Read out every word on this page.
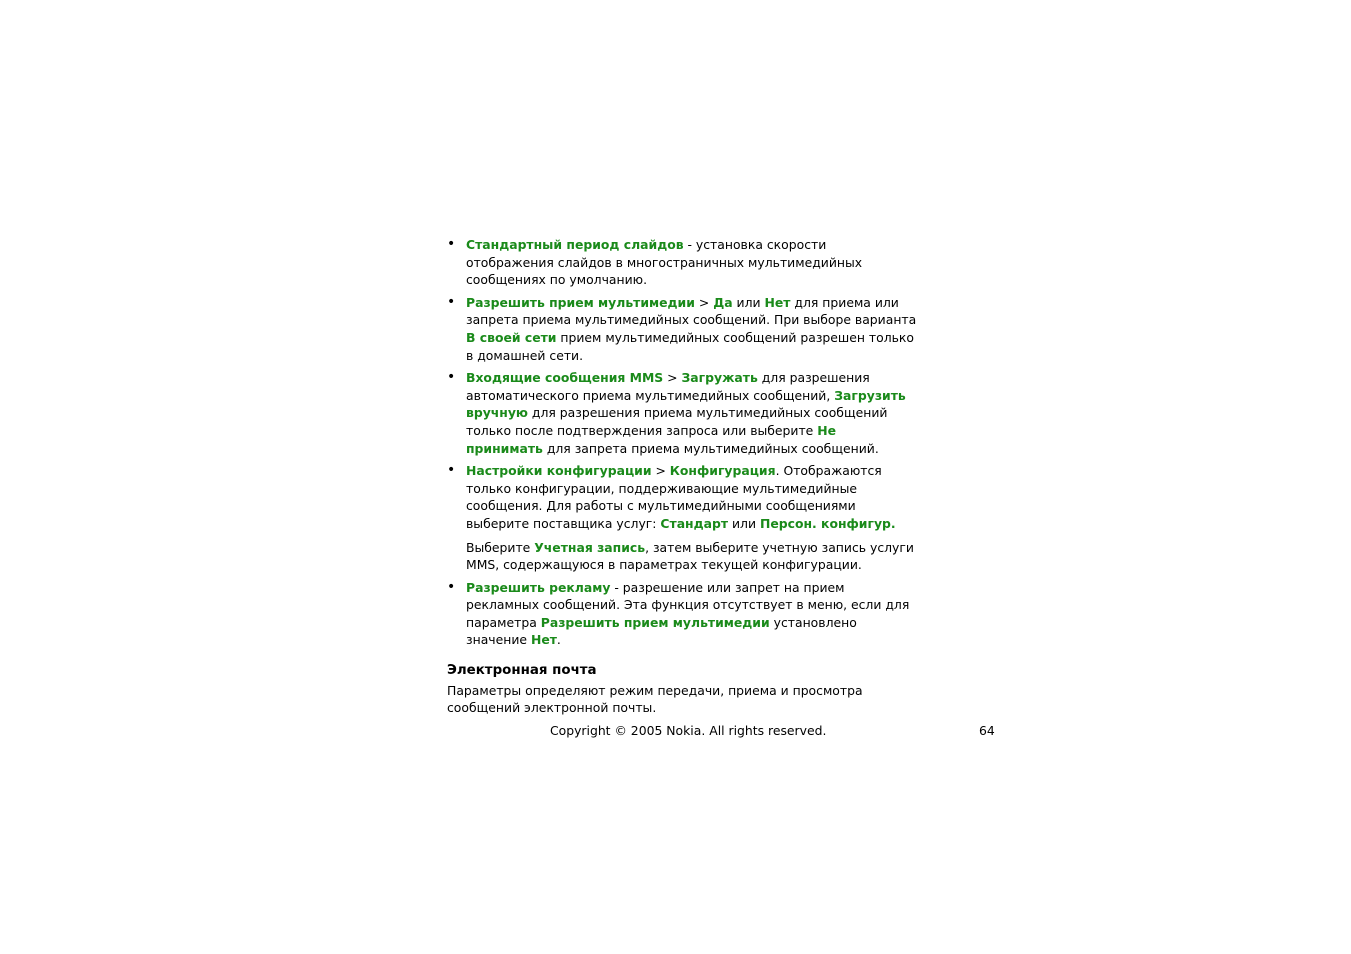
• Стандартный период слайдов - установка скорости отображения слайдов в многостраничных мультимедийных сообщениях по умолчанию.
• Разрешить прием мультимедии > Да или Нет для приема или запрета приема мультимедийных сообщений. При выборе варианта В своей сети прием мультимедийных сообщений разрешен только в домашней сети.
• Входящие сообщения MMS > Загружать для разрешения автоматического приема мультимедийных сообщений, Загрузить вручную для разрешения приема мультимедийных сообщений только после подтверждения запроса или выберите Не принимать для запрета приема мультимедийных сообщений.
• Настройки конфигурации > Конфигурация. Отображаются только конфигурации, поддерживающие мультимедийные сообщения. Для работы с мультимедийными сообщениями выберите поставщика услуг: Стандарт или Персон. конфигур.
Выберите Учетная запись, затем выберите учетную запись услуги MMS, содержащуюся в параметрах текущей конфигурации.
• Разрешить рекламу - разрешение или запрет на прием рекламных сообщений. Эта функция отсутствует в меню, если для параметра Разрешить прием мультимедии установлено значение Нет.
Электронная почта

Параметры определяют режим передачи, приема и просмотра сообщений электронной почты.

Copyright © 2005 Nokia. All rights reserved.	64
